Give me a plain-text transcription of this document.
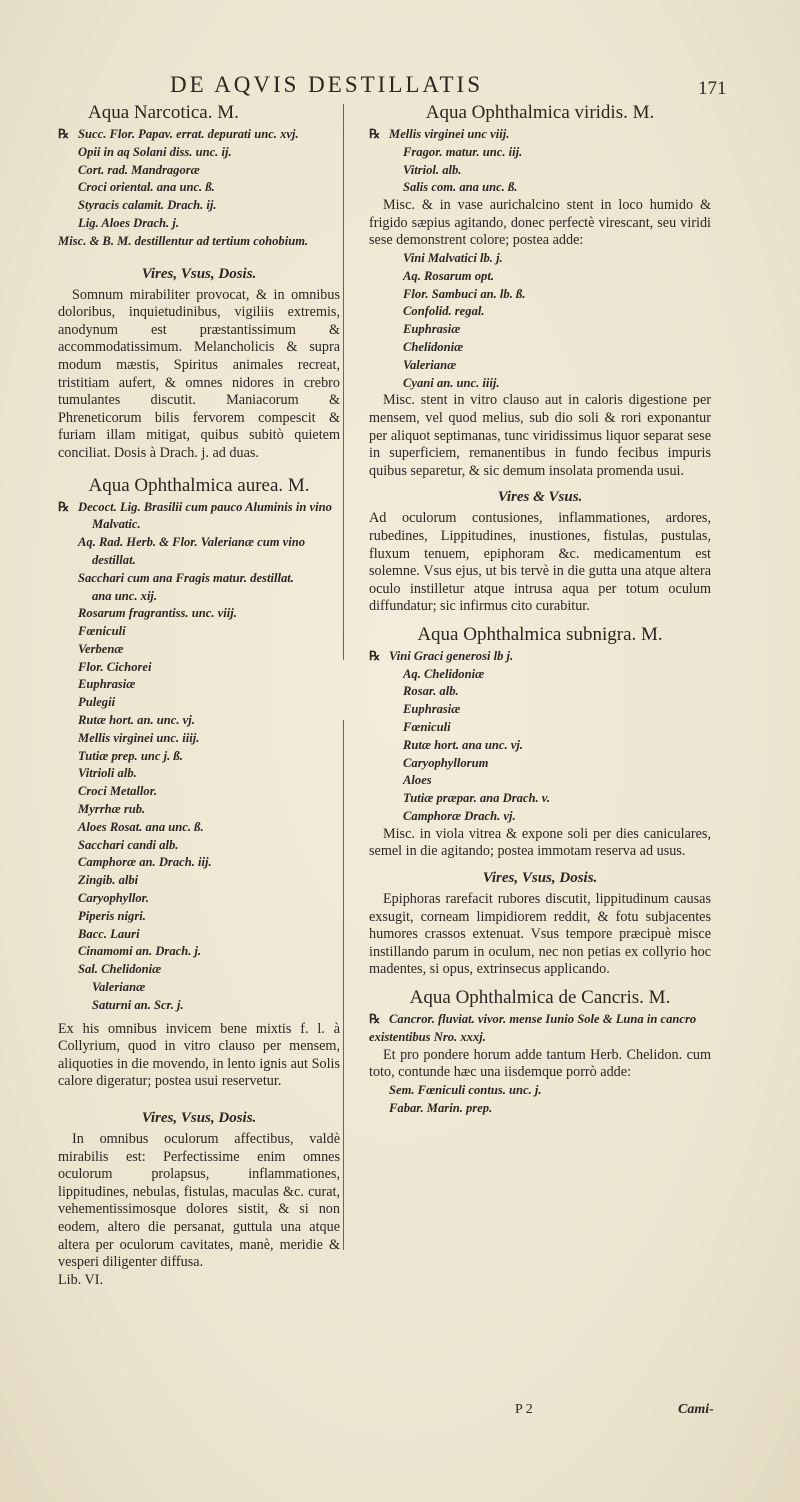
DE AQVIS DESTILLATIS	171
Aqua Narcotica. M.
℞ Succ. Flor. Papav. errat. depurati unc. xvj.
Opii in aq Solani diss. unc. ij.
Cort. rad. Mandragoræ
Croci oriental. ana unc. ß.
Styracis calamit. Drach. ij.
Lig. Aloes Drach. j.
Misc. & B. M. destillentur ad tertium cohobium.
Vires, Vsus, Dosis.

Somnum mirabiliter provocat, & in omnibus doloribus, inquietudinibus, vigiliis extremis, anodynum est præstantissimum & accommodatissimum. Melancholicis & supra modum mæstis, Spiritus animales recreat, tristitiam aufert, & omnes nidores in crebro tumulantes discutit. Maniacorum & Phreneticorum bilis fervorem compescit & furiam illam mitigat, quibus subitò quietem conciliat. Dosis à Drach. j. ad duas.

Aqua Ophthalmica aurea. M.
℞ Decoct. Lig. Brasilii cum pauco Aluminis in vino
Malvatic.
Aq. Rad. Herb. & Flor. Valerianæ cum vino
destillat.
Sacchari cum ana Fragis matur. destillat.
ana unc. xij.
Rosarum fragrantiss. unc. viij.
Fœniculi
Verbenæ
Flor. Cichorei
Euphrasiæ
Pulegii
Rutæ hort. an. unc. vj.
Mellis virginei unc. iiij.
Tutiæ prep. unc j. ß.
Vitrioli alb.
Croci Metallor.
Myrrhæ rub.
Aloes Rosat. ana unc. ß.
Sacchari candi alb.
Camphoræ an. Drach. iij.
Zingib. albi
Caryophyllor.
Piperis nigri.
Bacc. Lauri
Cinamomi an. Drach. j.
Sal. Chelidoniæ
Valerianæ
Saturni an. Scr. j.

Ex his omnibus invicem bene mixtis f. l. à Collyrium, quod in vitro clauso per mensem, aliquoties in die movendo, in lento ignis aut Solis calore digeratur; postea usui reservetur.

Vires, Vsus, Dosis.

In omnibus oculorum affectibus, valdè mirabilis est: Perfectissime enim omnes oculorum prolapsus, inflammationes, lippitudines, nebulas, fistulas, maculas &c. curat, vehementissimosque dolores sistit, & si non eodem, altero die persanat, guttula una atque altera per oculorum cavitates, manè, meridie & vesperi diligenter diffusa.

Lib. VI.
Aqua Ophthalmica viridis. M.
℞ Mellis virginei unc viij.
Fragor. matur. unc. iij.
Vitriol. alb.
Salis com. ana unc. ß.

Misc. & in vase aurichalcino stent in loco humido & frigido sæpius agitando, donec perfectè virescant, seu viridi sese demonstrent colore; postea adde:

Vini Malvatici lb. j.
Aq. Rosarum opt.
Flor. Sambuci an. lb. ß.
Confolid. regal.
Euphrasiæ
Chelidoniæ
Valerianæ
Cyani an. unc. iiij.

Misc. stent in vitro clauso aut in caloris digestione per mensem, vel quod melius, sub dio soli & rori exponantur per aliquot septimanas, tunc viridissimus liquor separat sese in superficiem, remanentibus in fundo fecibus impuris quibus separetur, & sic demum insolata promenda usui.

Vires & Vsus.

Ad oculorum contusiones, inflammationes, ardores, rubedines, Lippitudines, inustiones, fistulas, pustulas, fluxum tenuem, epiphoram &c. medicamentum est solemne. Vsus ejus, ut bis tervè in die gutta una atque altera oculo instilletur atque intrusa aqua per totum oculum diffundatur; sic infirmus cito curabitur.

Aqua Ophthalmica subnigra. M.
℞ Vini Graci generosi lb j.
Aq. Chelidoniæ
Rosar. alb.
Euphrasiæ
Fœniculi
Rutæ hort. ana unc. vj.
Caryophyllorum
Aloes
Tutiæ præpar. ana Drach. v.
Camphoræ Drach. vj.

Misc. in viola vitrea & expone soli per dies caniculares, semel in die agitando; postea immotam reserva ad usus.

Vires, Vsus, Dosis.

Epiphoras rarefacit rubores discutit, lippitudinum causas exsugit, corneam limpidiorem reddit, & fotu subjacentes humores crassos extenuat. Vsus tempore præcipuè misce instillando parum in oculum, nec non petias ex collyrio hoc madentes, si opus, extrinsecus applicando.

Aqua Ophthalmica de Cancris. M.
℞ Cancror. fluviat. vivor. mense Iunio Sole & Luna in cancro existentibus Nro. xxxj.

Et pro pondere horum adde tantum Herb. Chelidon. cum toto, contunde hæc una iisdemque porrò adde:

Sem. Fœniculi contus. unc. j.
Fabar. Marin. prep.
P 2	Cami-
